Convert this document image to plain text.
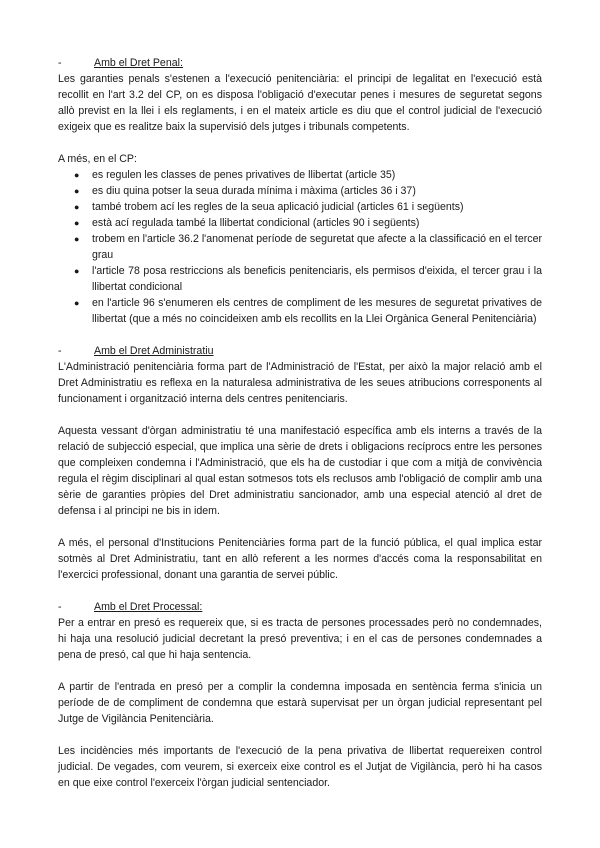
-	Amb el Dret Penal:

Les garanties penals s'estenen a l'execució penitenciària: el principi de legalitat en l'execució està recollit en l'art 3.2 del CP, on es disposa l'obligació d'executar penes i mesures de seguretat segons allò previst en la llei i els reglaments, i en el mateix article es diu que el control judicial de l'execució exigeix que es realitze baix la supervisió dels jutges i tribunals competents.

A més, en el CP:

● es regulen les classes de penes privatives de llibertat (article 35)
● es diu quina potser la seua durada mínima i màxima (articles 36 i 37)
● també trobem ací les regles de la seua aplicació judicial (articles 61 i següents)
● està ací regulada també la llibertat condicional (articles 90 i següents)
● trobem en l'article 36.2 l'anomenat període de seguretat que afecte a la classificació en el tercer grau
● l'article 78 posa restriccions als beneficis penitenciaris, els permisos d'eixida, el tercer grau i la llibertat condicional
● en l'article 96 s'enumeren els centres de compliment de les mesures de seguretat privatives de llibertat (que a més no coincideixen amb els recollits en la Llei Orgànica General Penitenciària)
-	Amb el Dret Administratiu

L'Administració penitenciària forma part de l'Administració de l'Estat, per això la major relació amb el Dret Administratiu es reflexa en la naturalesa administrativa de les seues atribucions corresponents al funcionament i organització interna dels centres penitenciaris.

Aquesta vessant d'òrgan administratiu té una manifestació específica amb els interns a través de la relació de subjecció especial, que implica una sèrie de drets i obligacions recíprocs entre les persones que compleixen condemna i l'Administració, que els ha de custodiar i que com a mitjà de convivència regula el règim disciplinari al qual estan sotmesos tots els reclusos amb l'obligació de complir amb una sèrie de garanties pròpies del Dret administratiu sancionador, amb una especial atenció al dret de defensa i al principi ne bis in idem.

A més, el personal d'Institucions Penitenciàries forma part de la funció pública, el qual implica estar sotmès al Dret Administratiu, tant en allò referent a les normes d'accés coma la responsabilitat en l'exercici professional, donant una garantia de servei públic.

-	Amb el Dret Processal:

Per a entrar en presó es requereix que, si es tracta de persones processades però no condemnades, hi haja una resolució judicial decretant la presó preventiva; i en el cas de persones condemnades a pena de presó, cal que hi haja sentencia.

A partir de l'entrada en presó per a complir la condemna imposada en sentència ferma s'inicia un període de de compliment de condemna que estarà supervisat per un òrgan judicial representant pel Jutge de Vigilància Penitenciària.

Les incidències més importants de l'execució de la pena privativa de llibertat requereixen control judicial. De vegades, com veurem, si exerceix eixe control es el Jutjat de Vigilància, però hi ha casos en que eixe control l'exerceix l'òrgan judicial sentenciador.
